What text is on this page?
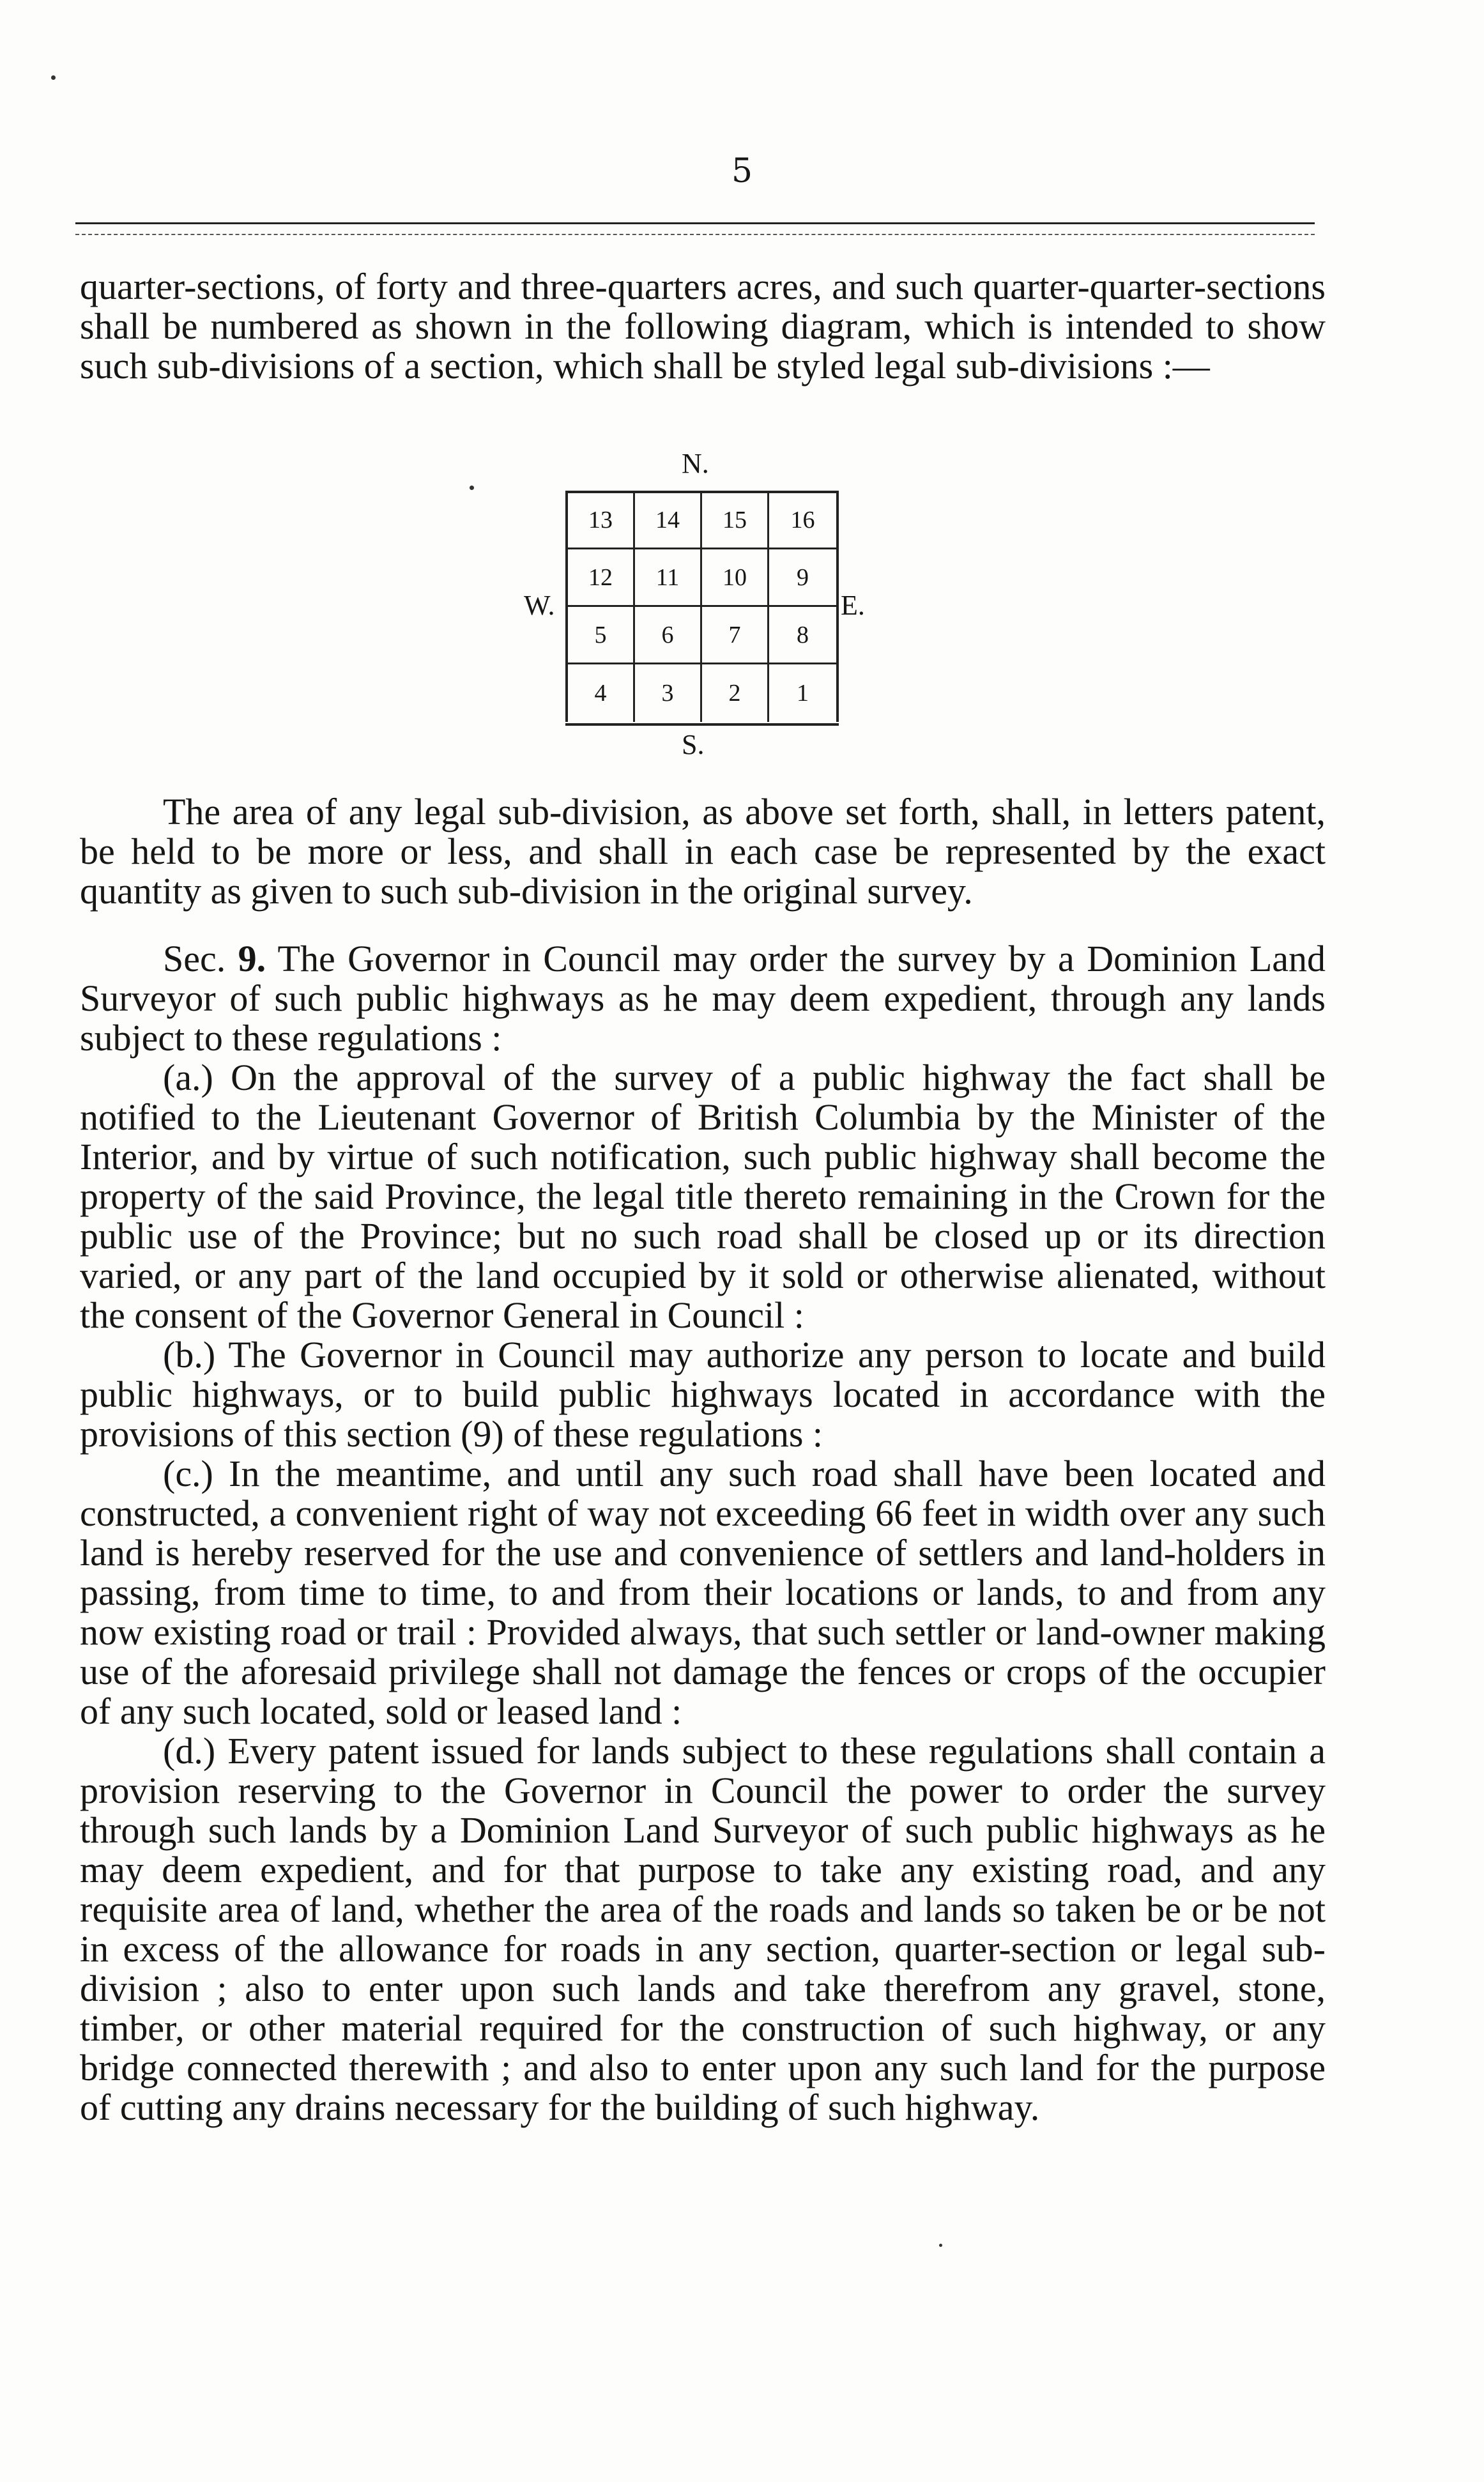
5

quarter-sections, of forty and three-quarters acres, and such quarter-quarter-sections shall be numbered as shown in the following diagram, which is intended to show such sub-divisions of a section, which shall be styled legal sub-divisions :—

N.
W.	E.
13	14	15	16
12	11	10	9
5	6	7	8
4	3	2	1
S.

The area of any legal sub-division, as above set forth, shall, in letters patent, be held to be more or less, and shall in each case be represented by the exact quantity as given to such sub-division in the original survey.

Sec. 9. The Governor in Council may order the survey by a Dominion Land Surveyor of such public highways as he may deem expedient, through any lands subject to these regulations :

(a.) On the approval of the survey of a public highway the fact shall be notified to the Lieutenant Governor of British Columbia by the Minister of the Interior, and by virtue of such notification, such public highway shall become the property of the said Province, the legal title thereto remaining in the Crown for the public use of the Province; but no such road shall be closed up or its direction varied, or any part of the land occupied by it sold or otherwise alienated, without the consent of the Governor General in Council :

(b.) The Governor in Council may authorize any person to locate and build public highways, or to build public highways located in accordance with the provisions of this section (9) of these regulations :

(c.) In the meantime, and until any such road shall have been located and constructed, a convenient right of way not exceeding 66 feet in width over any such land is hereby reserved for the use and convenience of settlers and land-holders in passing, from time to time, to and from their locations or lands, to and from any now existing road or trail : Provided always, that such settler or land-owner making use of the aforesaid privilege shall not damage the fences or crops of the occupier of any such located, sold or leased land :

(d.) Every patent issued for lands subject to these regulations shall contain a provision reserving to the Governor in Council the power to order the survey through such lands by a Dominion Land Surveyor of such public highways as he may deem expedient, and for that purpose to take any existing road, and any requisite area of land, whether the area of the roads and lands so taken be or be not in excess of the allowance for roads in any section, quarter-section or legal sub-division ; also to enter upon such lands and take therefrom any gravel, stone, timber, or other material required for the construction of such highway, or any bridge connected therewith ; and also to enter upon any such land for the purpose of cutting any drains necessary for the building of such highway.
